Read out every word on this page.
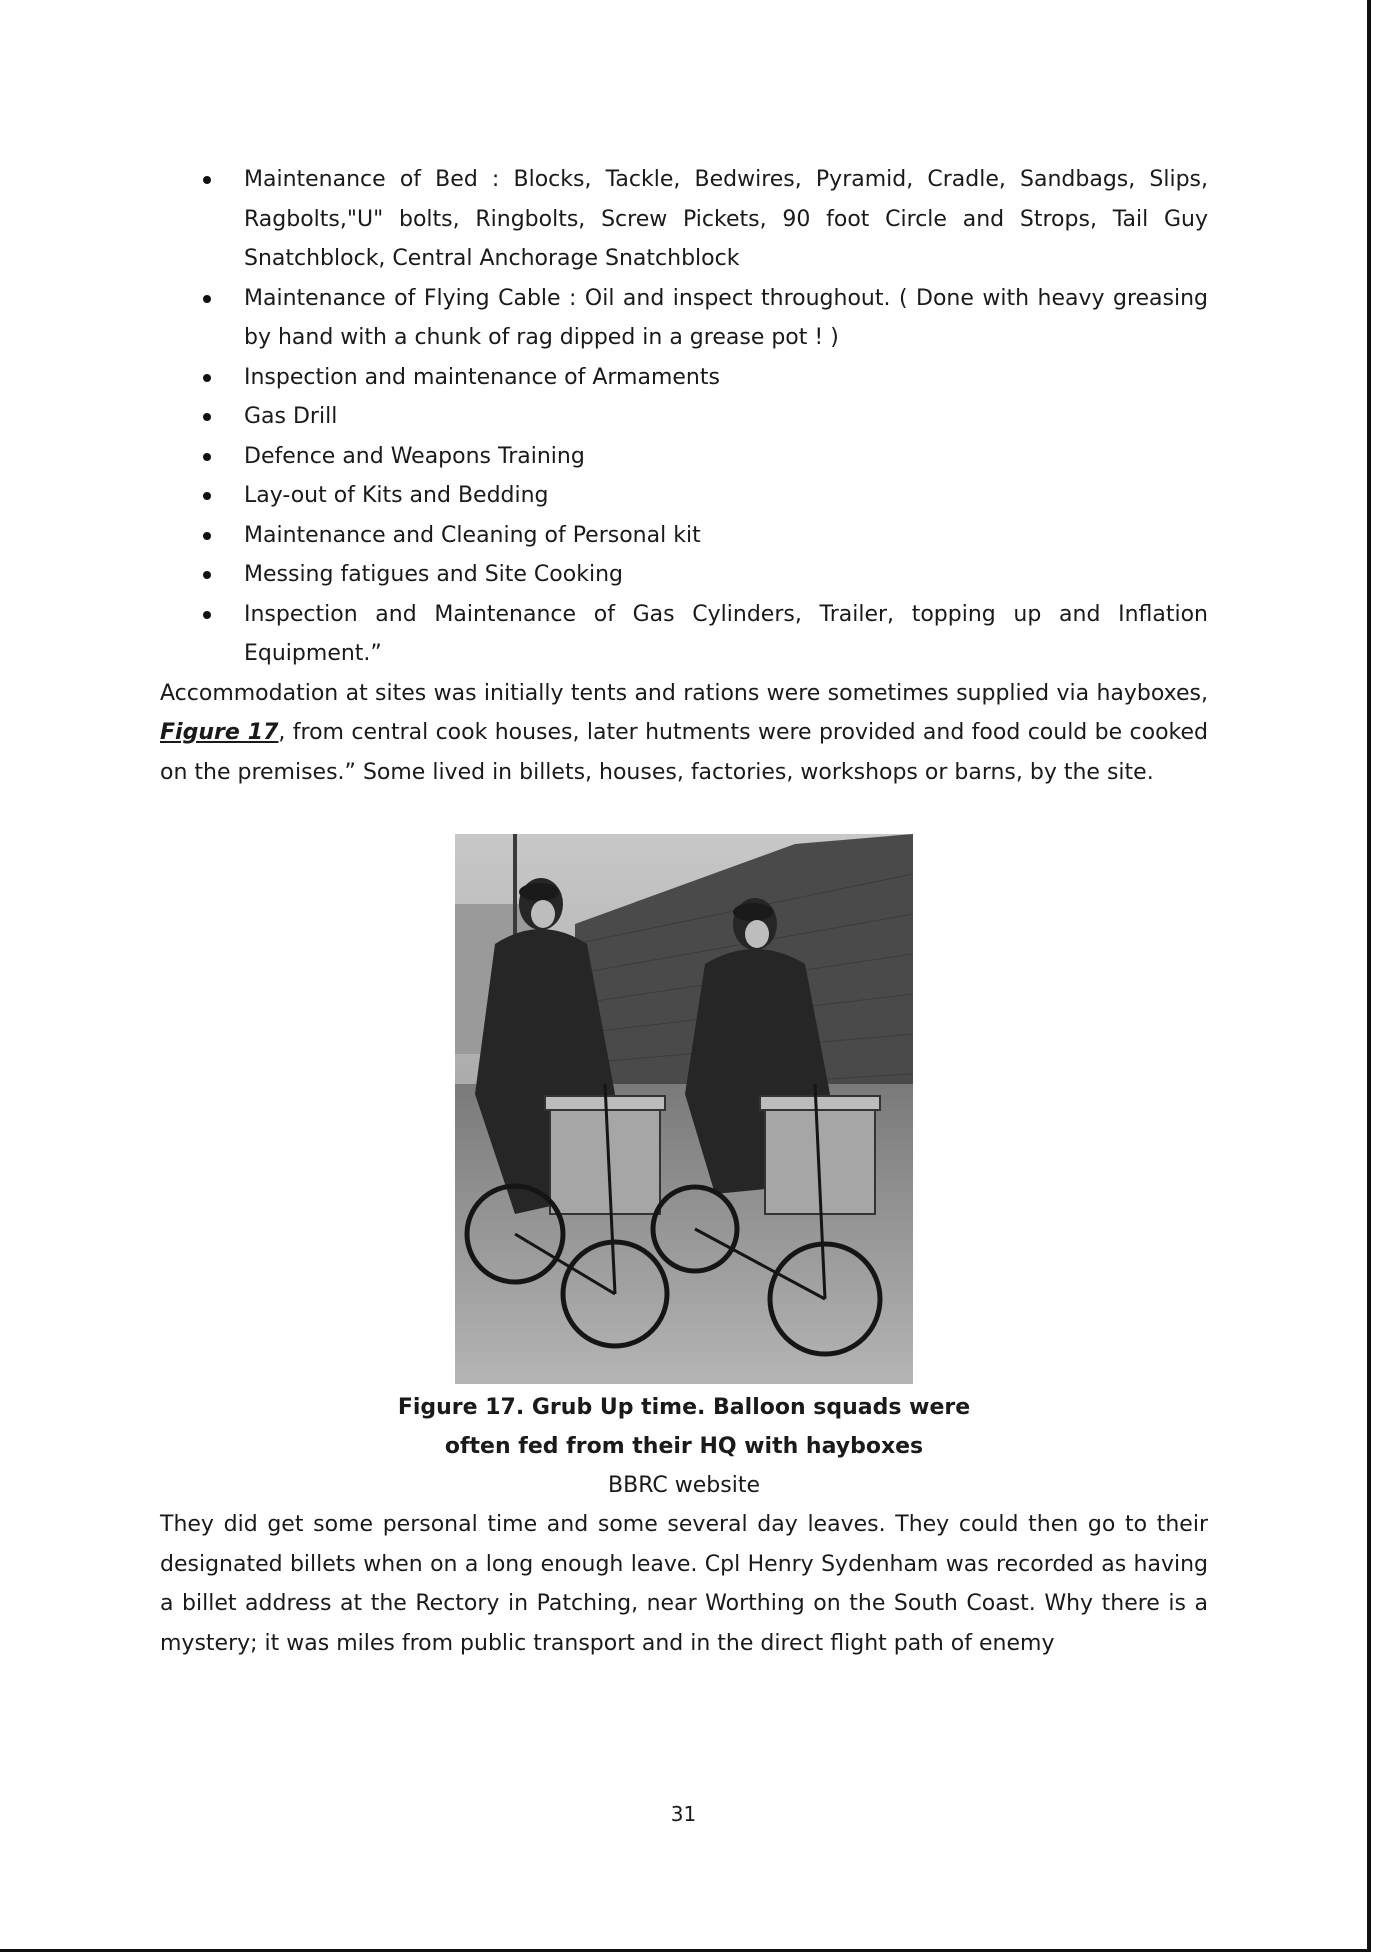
Maintenance of Bed : Blocks, Tackle, Bedwires, Pyramid, Cradle, Sandbags, Slips, Ragbolts,"U" bolts, Ringbolts, Screw Pickets, 90 foot Circle and Strops, Tail Guy Snatchblock, Central Anchorage Snatchblock
Maintenance of Flying Cable : Oil and inspect throughout. ( Done with heavy greasing by hand with a chunk of rag dipped in a grease pot ! )
Inspection and maintenance of Armaments
Gas Drill
Defence and Weapons Training
Lay-out of Kits and Bedding
Maintenance and Cleaning of Personal kit
Messing fatigues and Site Cooking
Inspection and Maintenance of Gas Cylinders, Trailer, topping up and Inflation Equipment.”

Accommodation at sites was initially tents and rations were sometimes supplied via hayboxes, Figure 17, from central cook houses, later hutments were provided and food could be cooked on the premises.” Some lived in billets, houses, factories, workshops or barns, by the site.

Figure 17. Grub Up time. Balloon squads were
often fed from their HQ with hayboxes
BBRC website

They did get some personal time and some several day leaves. They could then go to their designated billets when on a long enough leave. Cpl Henry Sydenham was recorded as having a billet address at the Rectory in Patching, near Worthing on the South Coast. Why there is a mystery; it was miles from public transport and in the direct flight path of enemy

31
